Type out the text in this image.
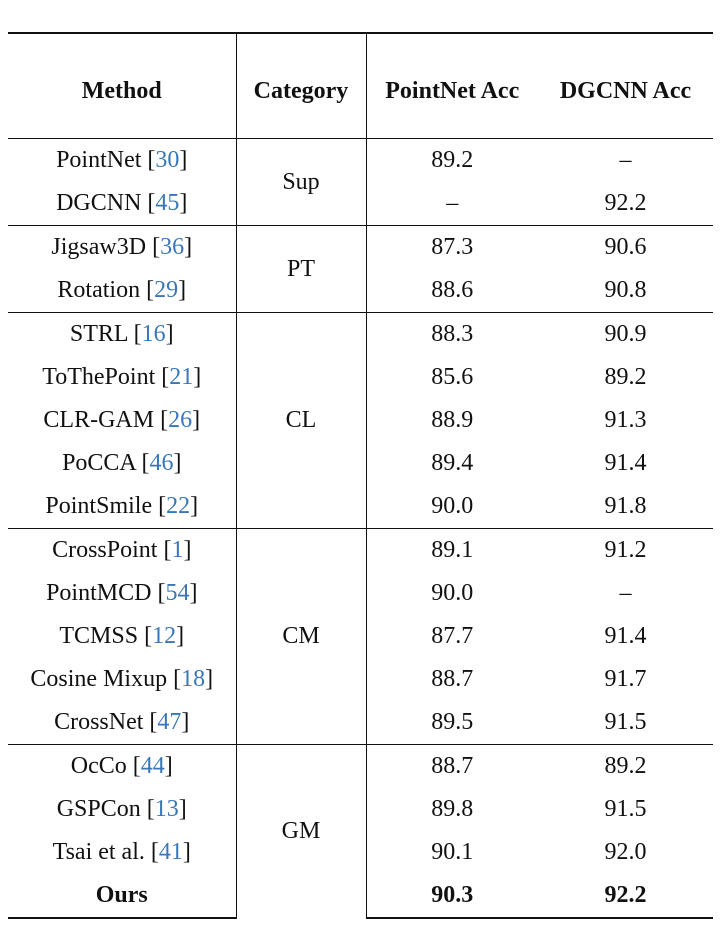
Method	Category	PointNet Acc	DGCNN Acc
PointNet [30]	Sup	89.2	–
DGCNN [45]		–	92.2
Jigsaw3D [36]	PT	87.3	90.6
Rotation [29]		88.6	90.8
STRL [16]	CL	88.3	90.9
ToThePoint [21]		85.6	89.2
CLR-GAM [26]		88.9	91.3
PoCCA [46]		89.4	91.4
PointSmile [22]		90.0	91.8
CrossPoint [1]	CM	89.1	91.2
PointMCD [54]		90.0	–
TCMSS [12]		87.7	91.4
Cosine Mixup [18]		88.7	91.7
CrossNet [47]		89.5	91.5
OcCo [44]	GM	88.7	89.2
GSPCon [13]		89.8	91.5
Tsai et al. [41]		90.1	92.0
Ours		90.3	92.2
